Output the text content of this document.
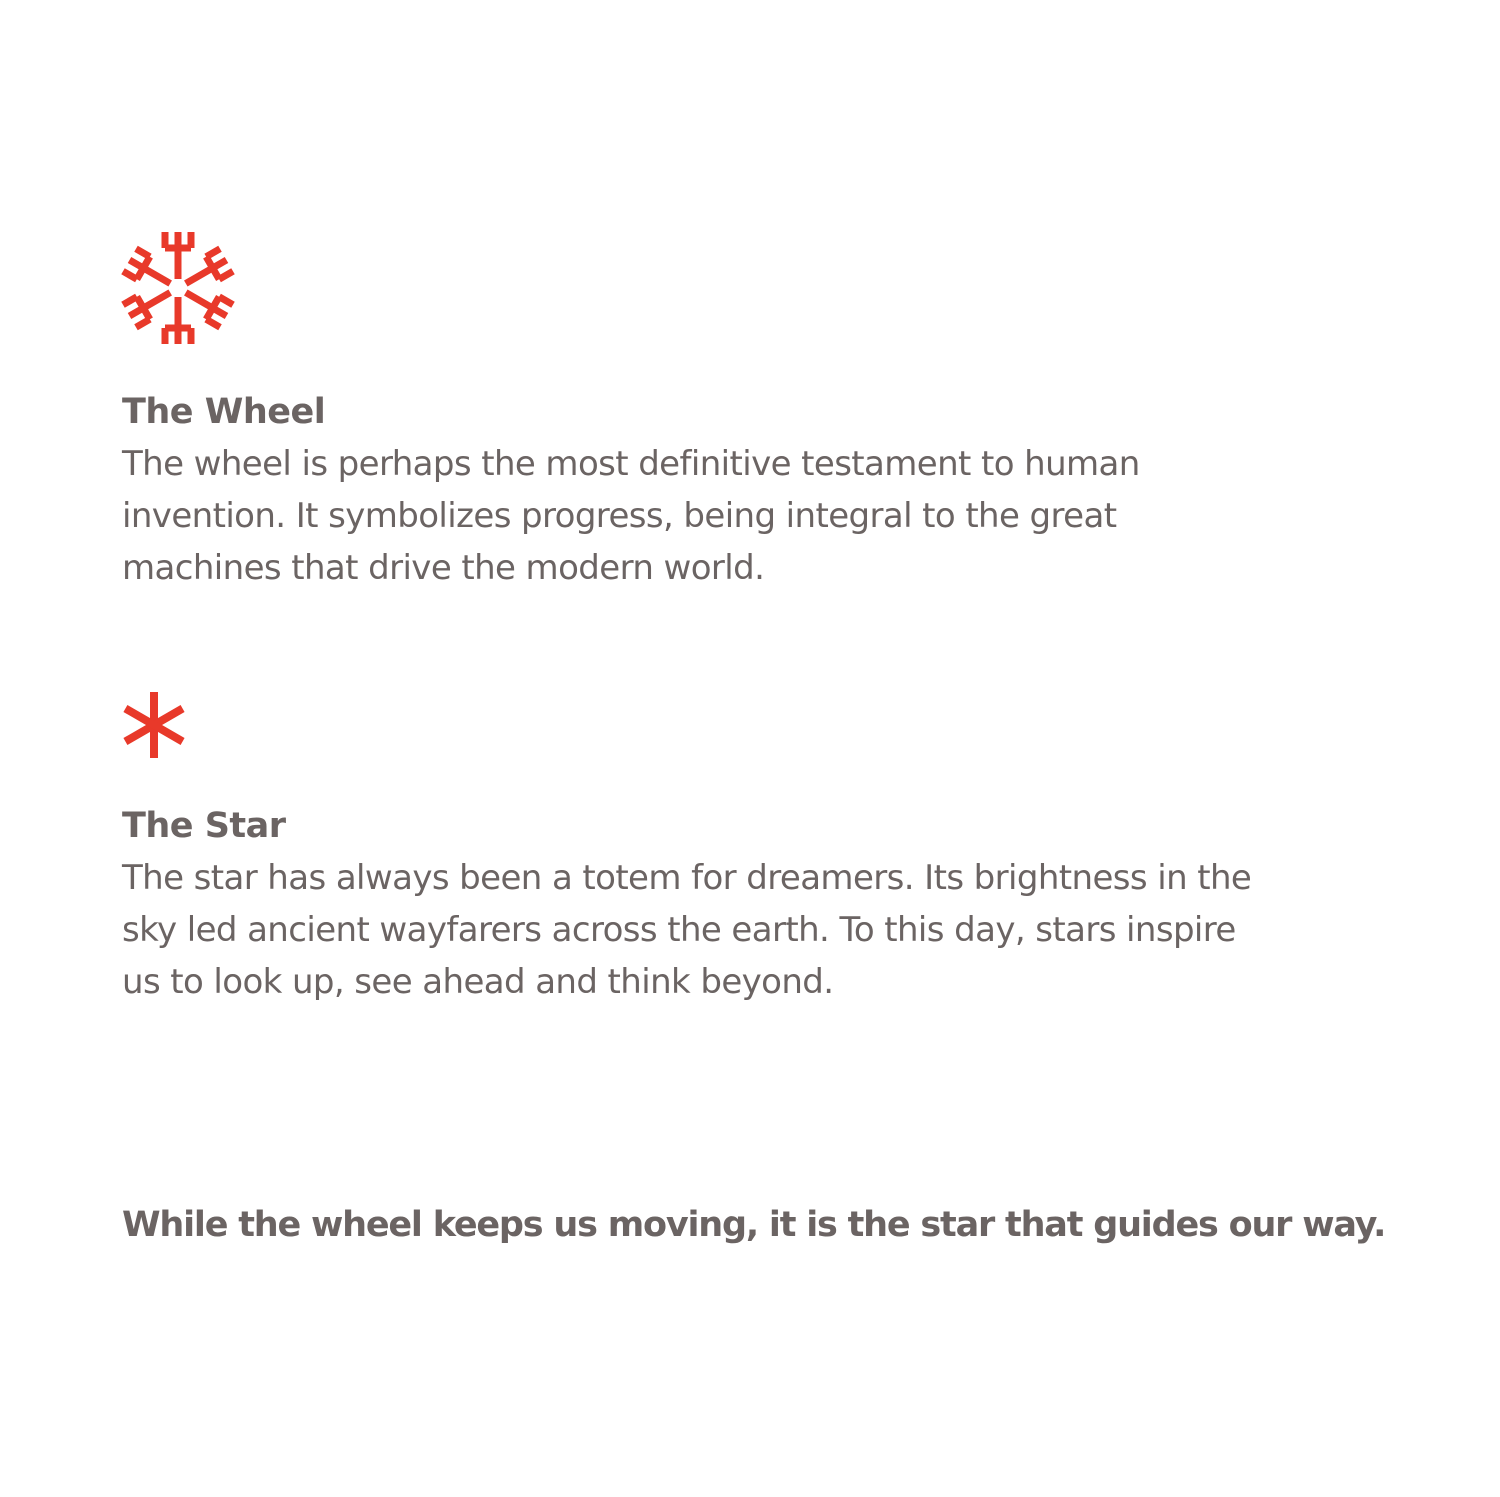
The Wheel

The wheel is perhaps the most definitive testament to human
invention. It symbolizes progress, being integral to the great
machines that drive the modern world.

The Star

The star has always been a totem for dreamers. Its brightness in the
sky led ancient wayfarers across the earth. To this day, stars inspire
us to look up, see ahead and think beyond.

While the wheel keeps us moving, it is the star that guides our way.
